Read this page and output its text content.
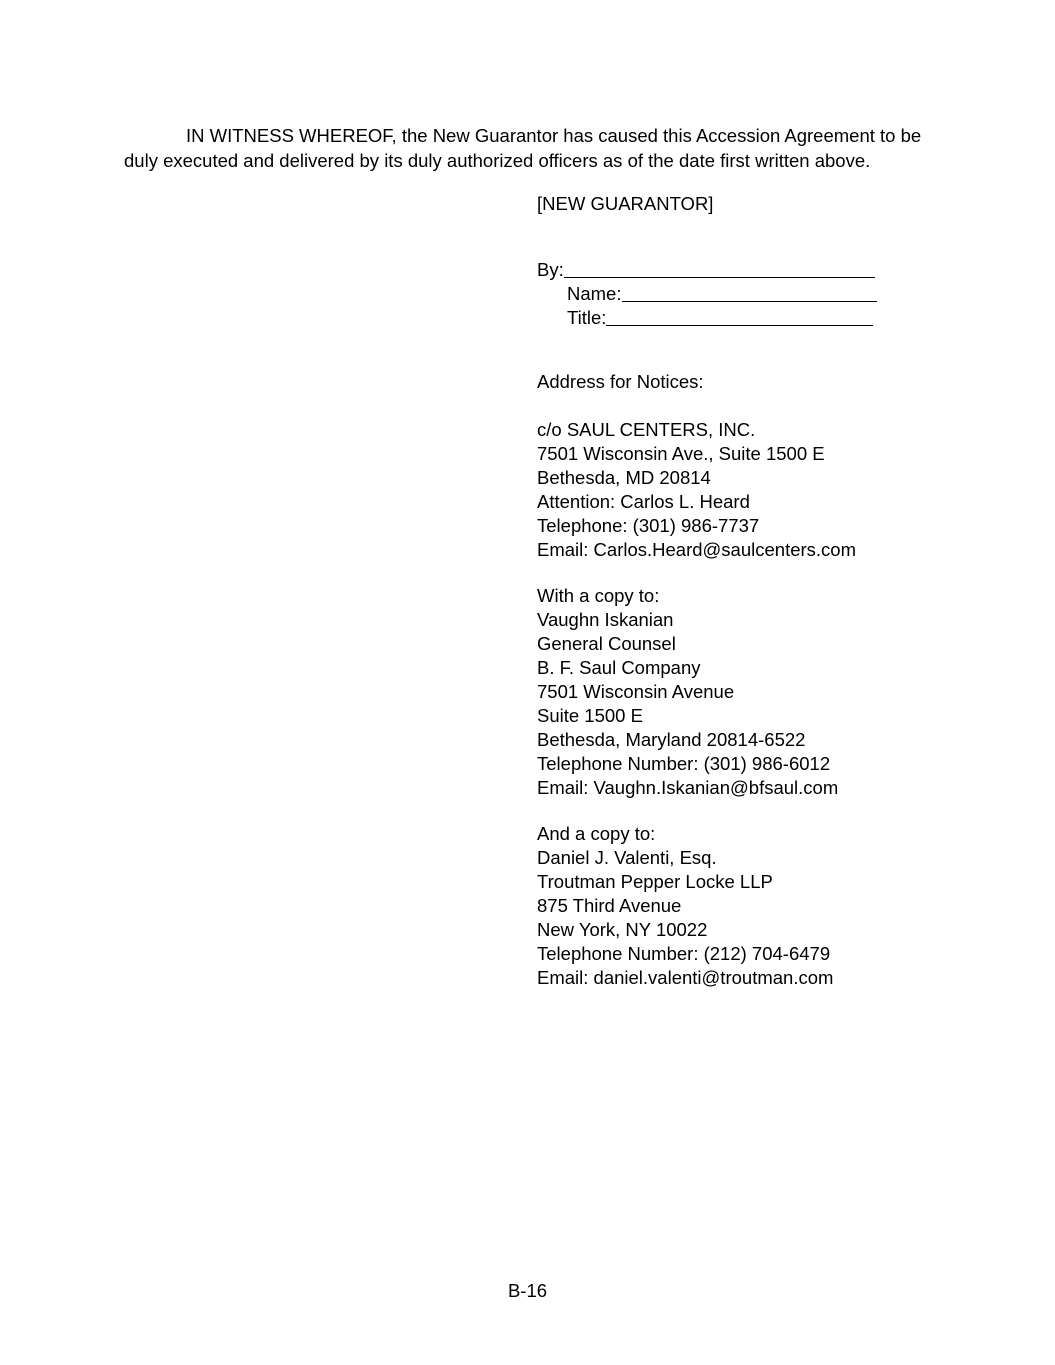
IN WITNESS WHEREOF, the New Guarantor has caused this Accession Agreement to be duly executed and delivered by its duly authorized officers as of the date first written above.

[NEW GUARANTOR]
By:
Name:
Title:
Address for Notices:
c/o SAUL CENTERS, INC.
7501 Wisconsin Ave., Suite 1500 E
Bethesda, MD 20814
Attention: Carlos L. Heard
Telephone: (301) 986-7737
Email: Carlos.Heard@saulcenters.com
With a copy to:
Vaughn Iskanian
General Counsel
B. F. Saul Company
7501 Wisconsin Avenue
Suite 1500 E
Bethesda, Maryland 20814-6522
Telephone Number: (301) 986-6012
Email: Vaughn.Iskanian@bfsaul.com
And a copy to:
Daniel J. Valenti, Esq.
Troutman Pepper Locke LLP
875 Third Avenue
New York, NY 10022
Telephone Number: (212) 704-6479
Email: daniel.valenti@troutman.com
B-16
